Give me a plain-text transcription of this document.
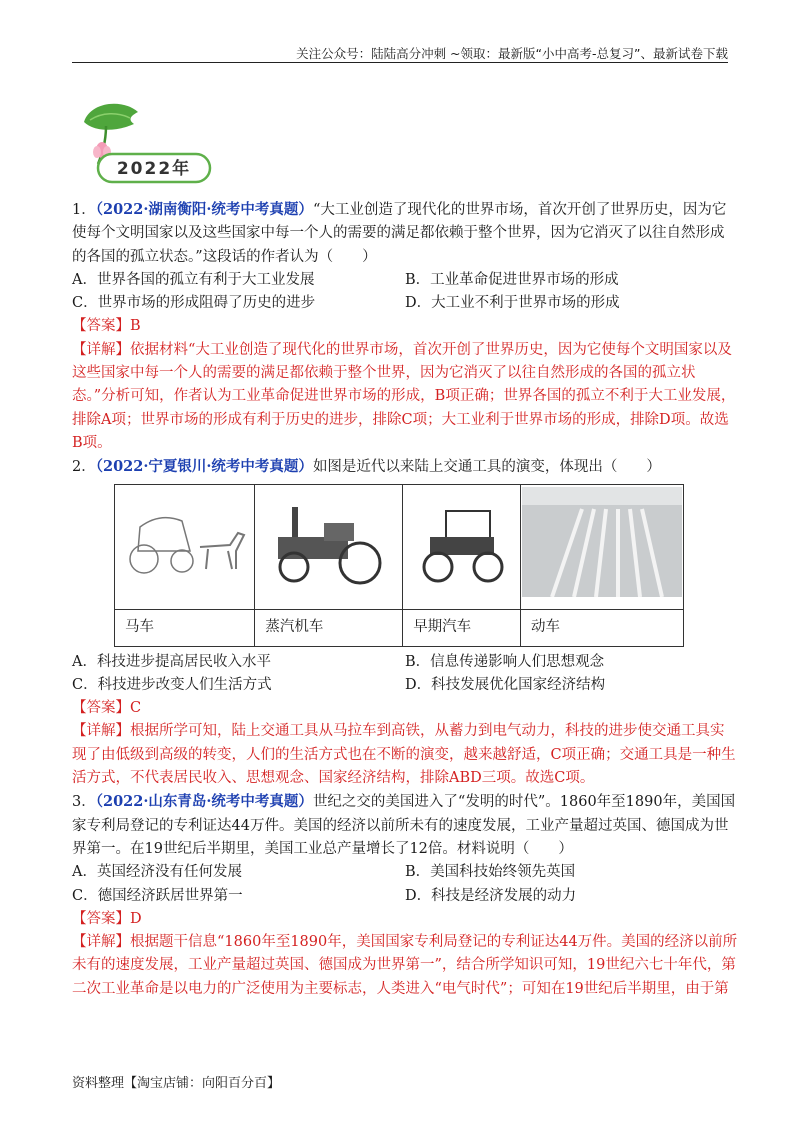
关注公众号：陆陆高分冲刺 ~领取：最新版“小中高考-总复习”、最新试卷下载
2022年

1．（2022·湖南衡阳·统考中考真题）“大工业创造了现代化的世界市场，首次开创了世界历史，因为它使每个文明国家以及这些国家中每一个人的需要的满足都依赖于整个世界，因为它消灭了以往自然形成的各国的孤立状态。”这段话的作者认为（　　）

A．世界各国的孤立有利于大工业发展	B．工业革命促进世界市场的形成
C．世界市场的形成阻碍了历史的进步	D．大工业不利于世界市场的形成

【答案】B

【详解】依据材料“大工业创造了现代化的世界市场，首次开创了世界历史，因为它使每个文明国家以及这些国家中每一个人的需要的满足都依赖于整个世界，因为它消灭了以往自然形成的各国的孤立状态。”分析可知，作者认为工业革命促进世界市场的形成，B项正确；世界各国的孤立不利于大工业发展，排除A项；世界市场的形成有利于历史的进步，排除C项；大工业利于世界市场的形成，排除D项。故选B项。

2．（2022·宁夏银川·统考中考真题）如图是近代以来陆上交通工具的演变，体现出（　　）

马车	蒸汽机车	早期汽车	动车
A．科技进步提高居民收入水平	B．信息传递影响人们思想观念
C．科技进步改变人们生活方式	D．科技发展优化国家经济结构

【答案】C

【详解】根据所学可知，陆上交通工具从马拉车到高铁，从蓄力到电气动力，科技的进步使交通工具实现了由低级到高级的转变，人们的生活方式也在不断的演变，越来越舒适，C项正确；交通工具是一种生活方式，不代表居民收入、思想观念、国家经济结构，排除ABD三项。故选C项。

3．（2022·山东青岛·统考中考真题）世纪之交的美国进入了“发明的时代”。1860年至1890年，美国国家专利局登记的专利证达44万件。美国的经济以前所未有的速度发展，工业产量超过英国、德国成为世界第一。在19世纪后半期里，美国工业总产量增长了12倍。材料说明（　　）

A．英国经济没有任何发展	B．美国科技始终领先英国
C．德国经济跃居世界第一	D．科技是经济发展的动力

【答案】D

【详解】根据题干信息“1860年至1890年，美国国家专利局登记的专利证达44万件。美国的经济以前所未有的速度发展，工业产量超过英国、德国成为世界第一”，结合所学知识可知，19世纪六七十年代，第二次工业革命是以电力的广泛使用为主要标志，人类进入“电气时代”；可知在19世纪后半期里，由于第

资料整理【淘宝店铺：向阳百分百】
